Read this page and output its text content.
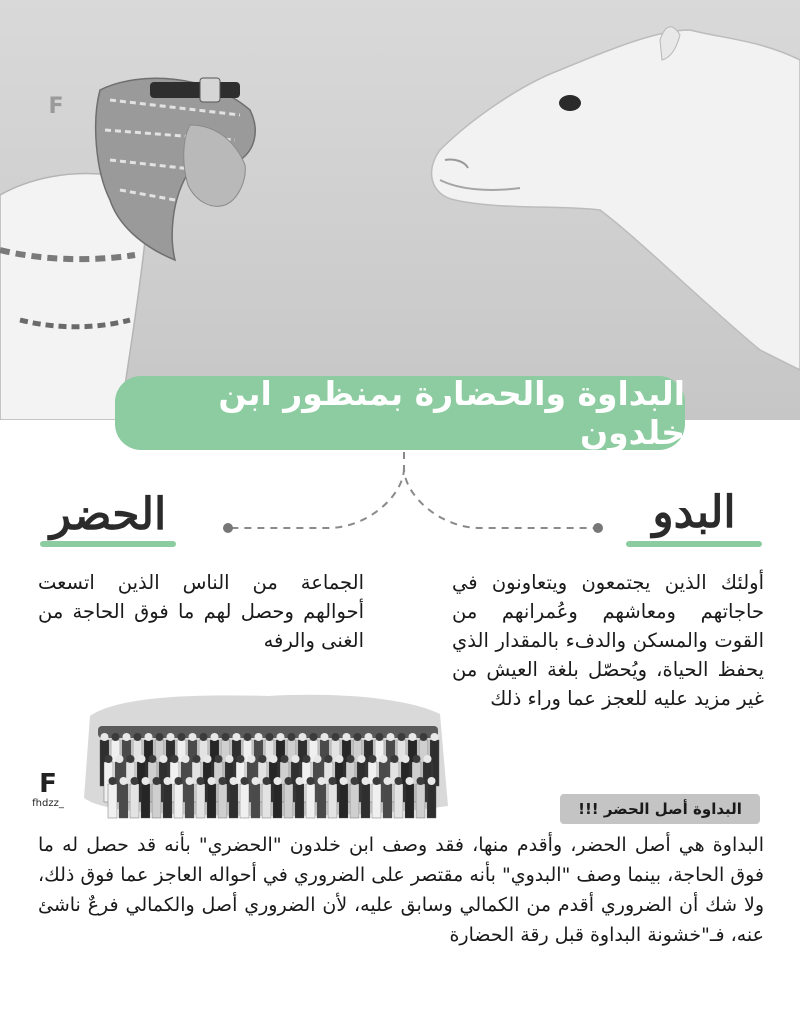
F
البداوة والحضارة بمنظور ابن خلدون
البدو
الحضر
أولئك الذين يجتمعون ويتعاونون في حاجاتهم ومعاشهم وعُمرانهم من القوت والمسكن والدفء بالمقدار الذي يحفظ الحياة، ويُحصّل بلغة العيش من غير مزيد عليه للعجز عما وراء ذلك
الجماعة من الناس الذين اتسعت أحوالهم وحصل لهم ما فوق الحاجة من الغنى والرفه
F
fhdzz_	البداوة أصل الحضر !!!
البداوة هي أصل الحضر، وأقدم منها، فقد وصف ابن خلدون "الحضري" بأنه قد حصل له ما فوق الحاجة، بينما وصف "البدوي" بأنه مقتصر على الضروري في أحواله العاجز عما فوق ذلك، ولا شك أن الضروري أقدم من الكمالي وسابق عليه، لأن الضروري أصل والكمالي فرعٌ ناشئ عنه، فـ"خشونة البداوة قبل رقة الحضارة
